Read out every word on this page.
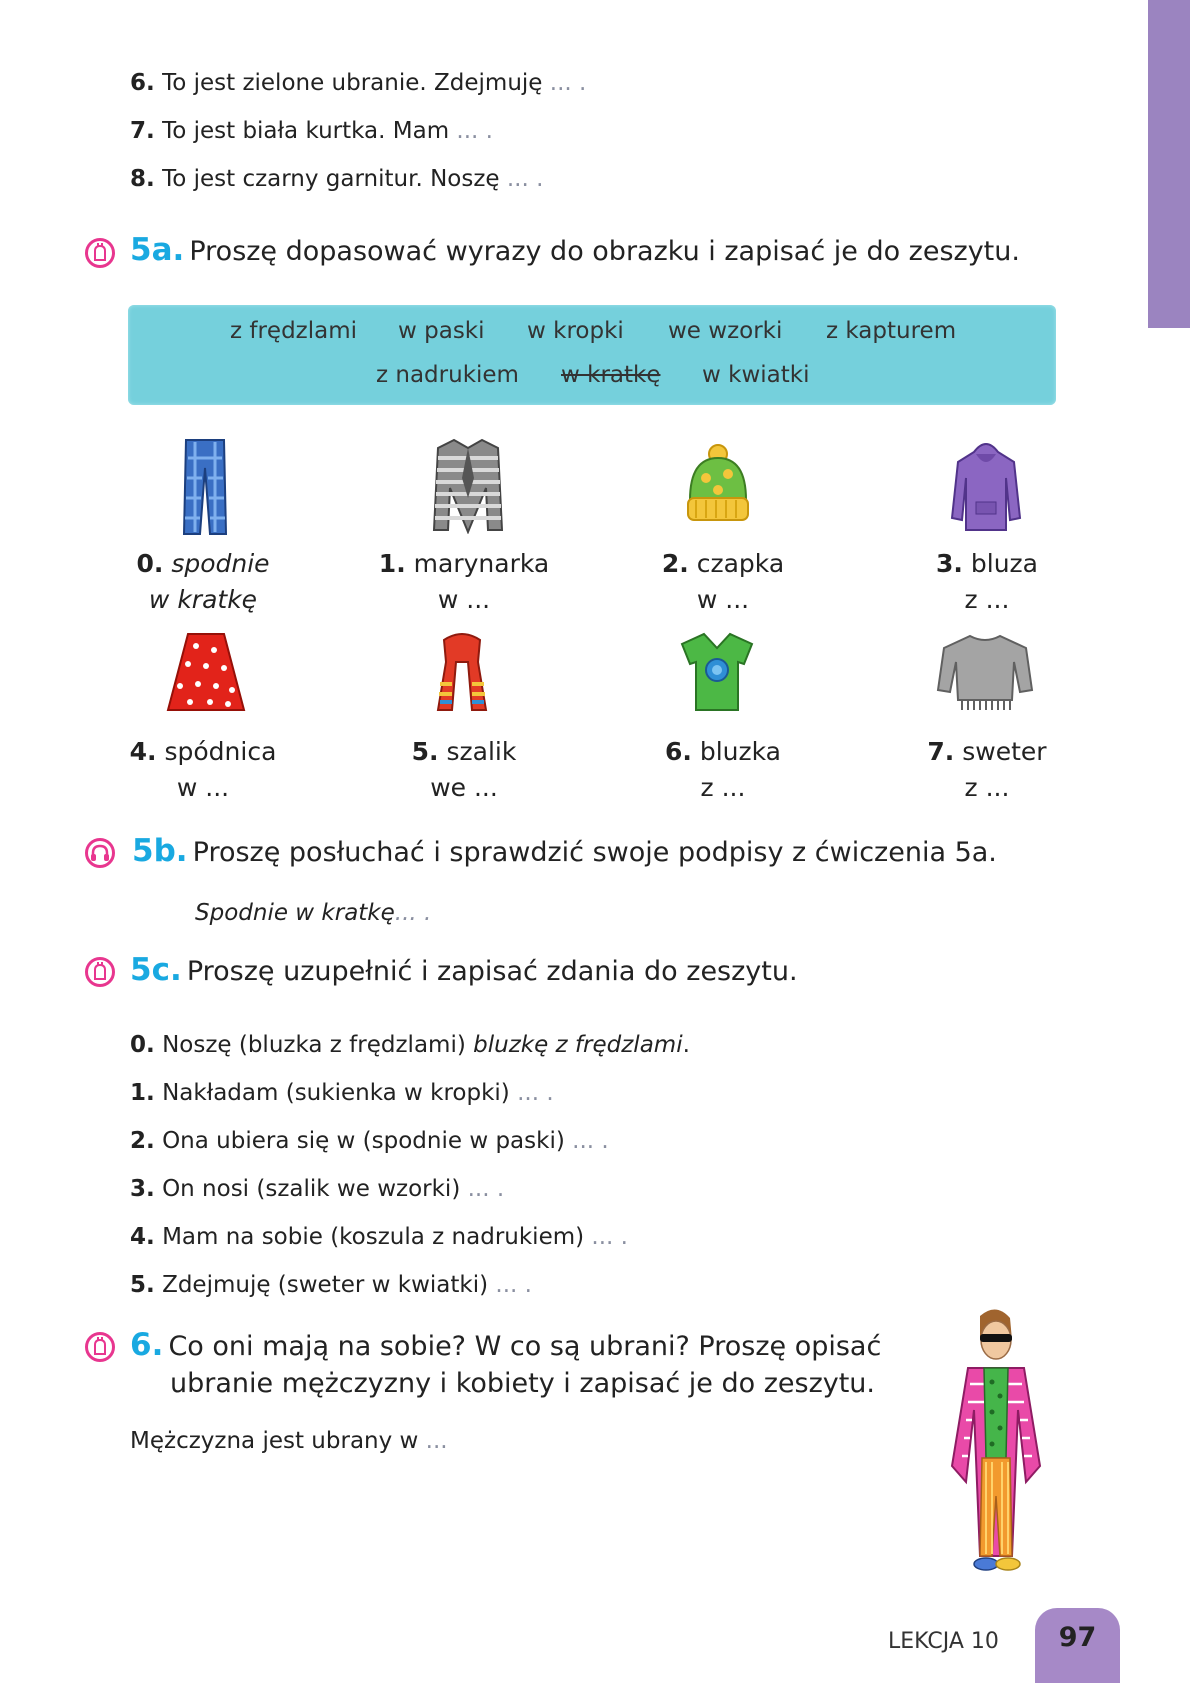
6. To jest zielone ubranie. Zdejmuję ... .
7. To jest biała kurtka. Mam ... .
8. To jest czarny garnitur. Noszę ... .
5a. Proszę dopasować wyrazy do obrazku i zapisać je do zeszytu.
z frędzlami w paski w kropki we wzorki z kapturem
z nadrukiem w kratkę w kwiatki
0. spodnie
w kratkę
1. marynarka
w ...
2. czapka
w ...
3. bluza
z ...
4. spódnica
w ...
5. szalik
we ...
6. bluzka
z ...
7. sweter
z ...
5b. Proszę posłuchać i sprawdzić swoje podpisy z ćwiczenia 5a.
Spodnie w kratkę... .
5c. Proszę uzupełnić i zapisać zdania do zeszytu.
0. Noszę (bluzka z frędzlami) bluzkę z frędzlami.
1. Nakładam (sukienka w kropki) ... .
2. Ona ubiera się w (spodnie w paski) ... .
3. On nosi (szalik we wzorki) ... .
4. Mam na sobie (koszula z nadrukiem) ... .
5. Zdejmuję (sweter w kwiatki) ... .
6. Co oni mają na sobie? W co są ubrani? Proszę opisać
ubranie mężczyzny i kobiety i zapisać je do zeszytu.
Mężczyzna jest ubrany w ...
LEKCJA 10	97
